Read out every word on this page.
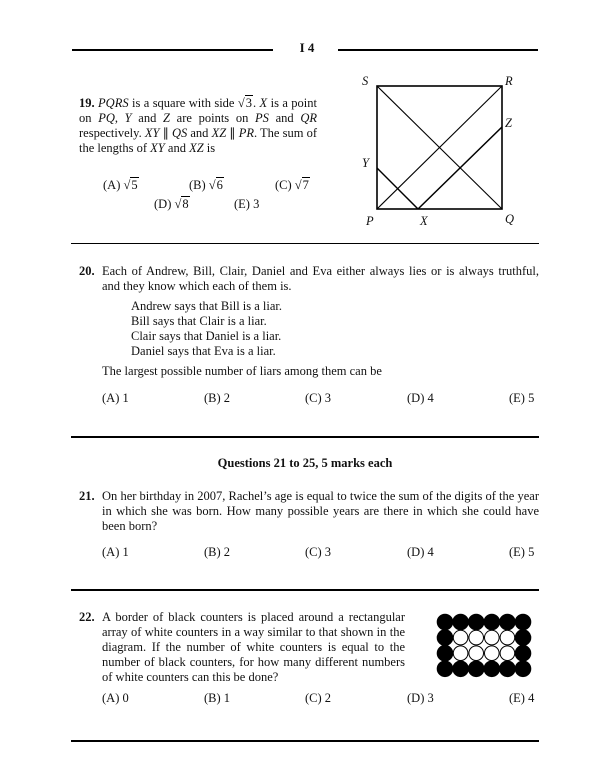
I 4
19. PQRS is a square with side √3. X is a point on PQ, Y and Z are points on PS and QR respectively. XY ∥ QS and XZ ∥ PR. The sum of the lengths of XY and XZ is
(A) √5	(B) √6	(C) √7
(D) √8	(E) 3
S	R
Z
Y
P	X	Q
20. Each of Andrew, Bill, Clair, Daniel and Eva either always lies or is always truthful, and they know which each of them is.
Andrew says that Bill is a liar.
Bill says that Clair is a liar.
Clair says that Daniel is a liar.
Daniel says that Eva is a liar.
The largest possible number of liars among them can be
(A) 1	(B) 2	(C) 3	(D) 4	(E) 5
Questions 21 to 25, 5 marks each
21. On her birthday in 2007, Rachel’s age is equal to twice the sum of the digits of the year in which she was born. How many possible years are there in which she could have been born?
(A) 1	(B) 2	(C) 3	(D) 4	(E) 5
22. A border of black counters is placed around a rectangular array of white counters in a way similar to that shown in the diagram. If the number of white counters is equal to the number of black counters, for how many different numbers of white counters can this be done?
(A) 0	(B) 1	(C) 2	(D) 3	(E) 4
